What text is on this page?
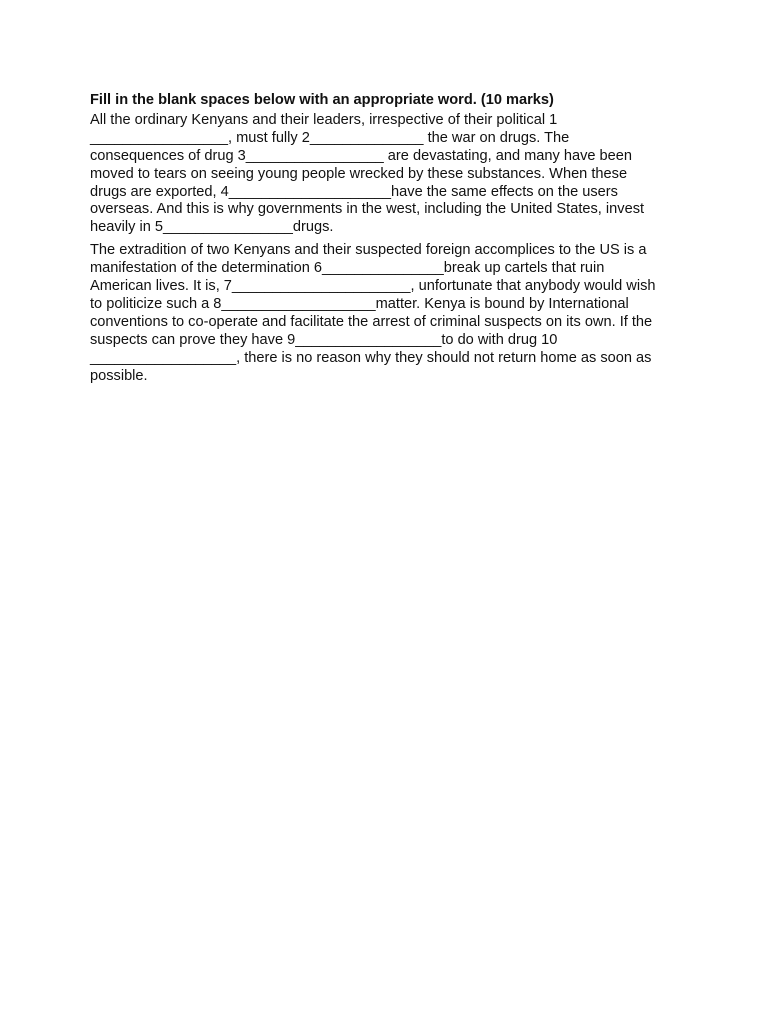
Fill in the blank spaces below with an appropriate word. (10 marks)
All the ordinary Kenyans and their leaders, irrespective of their political 1
_________________, must fully 2______________ the war on drugs. The
consequences of drug 3_________________ are devastating, and many have been
moved to tears on seeing young people wrecked by these substances. When these
drugs are exported, 4____________________have the same effects on the users
overseas. And this is why governments in the west, including the United States, invest
heavily in 5________________drugs.
The extradition of two Kenyans and their suspected foreign accomplices to the US is a
manifestation of the determination 6_______________break up cartels that ruin
American lives. It is, 7______________________, unfortunate that anybody would wish
to politicize such a 8___________________matter. Kenya is bound by International
conventions to co-operate and facilitate the arrest of criminal suspects on its own. If the
suspects can prove they have 9__________________to do with drug 10
__________________, there is no reason why they should not return home as soon as
possible.
